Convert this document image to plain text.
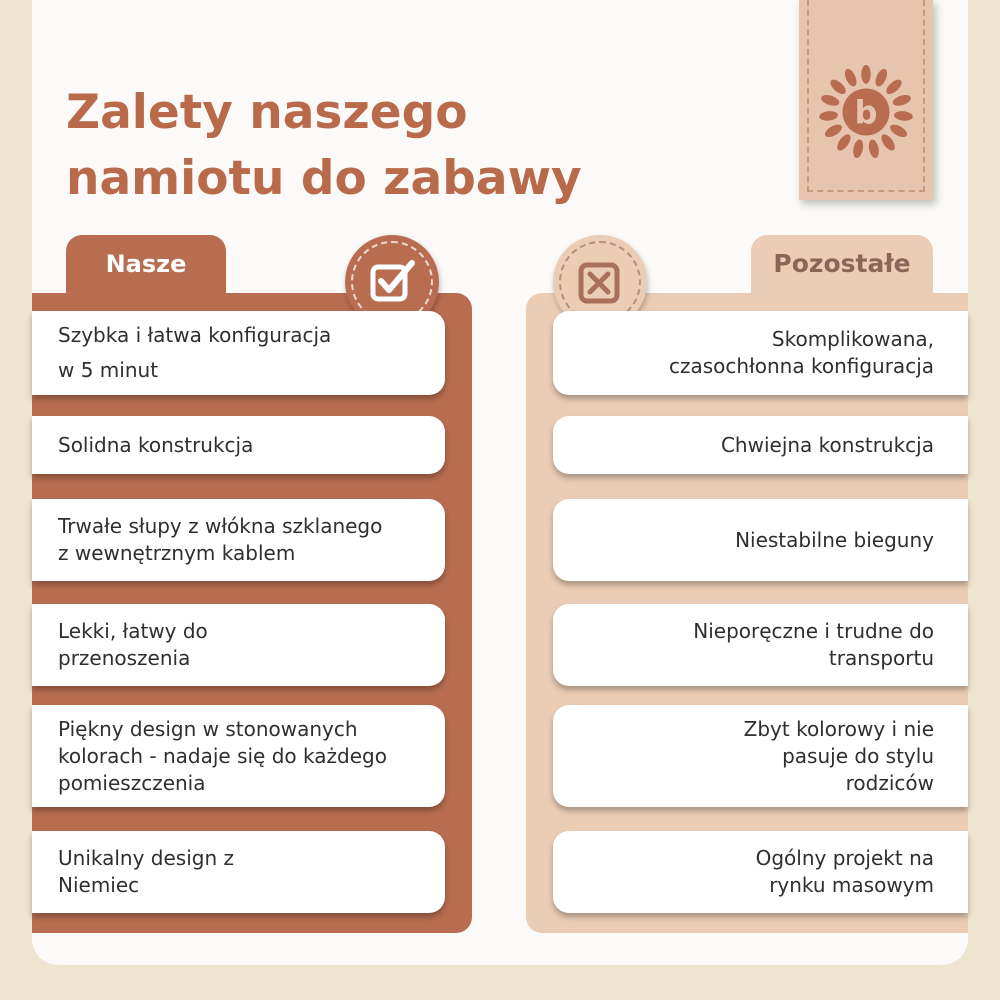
Zalety naszego
namiotu do zabawy
b
Nasze
Szybka i łatwa konfiguracja
w 5 minut
Solidna konstrukcja
Trwałe słupy z włókna szklanego
z wewnętrznym kablem
Lekki, łatwy do
przenoszenia
Piękny design w stonowanych
kolorach - nadaje się do każdego
pomieszczenia
Unikalny design z
Niemiec
Pozostałe
Skomplikowana,
czasochłonna konfiguracja
Chwiejna konstrukcja
Niestabilne bieguny
Nieporęczne i trudne do
transportu
Zbyt kolorowy i nie
pasuje do stylu
rodziców
Ogólny projekt na
rynku masowym
